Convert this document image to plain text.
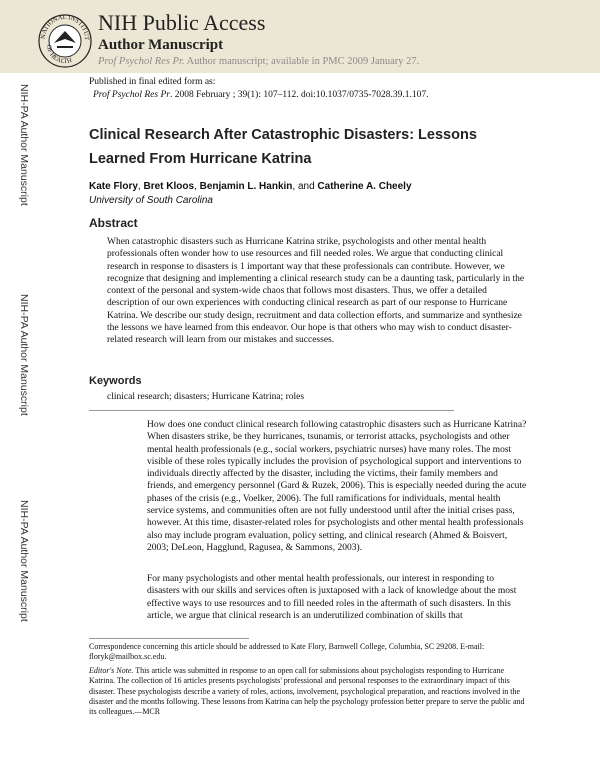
NATIONAL INSTITUT
OF HEALTH
NIH Public Access
Author Manuscript
Prof Psychol Res Pr. Author manuscript; available in PMC 2009 January 27.
Published in final edited form as:
Prof Psychol Res Pr. 2008 February ; 39(1): 107–112. doi:10.1037/0735-7028.39.1.107.
NIH-PA Author Manuscript
NIH-PA Author Manuscript
NIH-PA Author Manuscript
Clinical Research After Catastrophic Disasters: Lessons Learned From Hurricane Katrina
Kate Flory, Bret Kloos, Benjamin L. Hankin, and Catherine A. Cheely
University of South Carolina
Abstract
When catastrophic disasters such as Hurricane Katrina strike, psychologists and other mental health professionals often wonder how to use resources and fill needed roles. We argue that conducting clinical research in response to disasters is 1 important way that these professionals can contribute. However, we recognize that designing and implementing a clinical research study can be a daunting task, particularly in the context of the personal and system-wide chaos that follows most disasters. Thus, we offer a detailed description of our own experiences with conducting clinical research as part of our response to Hurricane Katrina. We describe our study design, recruitment and data collection efforts, and summarize and synthesize the lessons we have learned from this endeavor. Our hope is that others who may wish to conduct disaster-related research will learn from our mistakes and successes.
Keywords
clinical research; disasters; Hurricane Katrina; roles
How does one conduct clinical research following catastrophic disasters such as Hurricane Katrina? When disasters strike, be they hurricanes, tsunamis, or terrorist attacks, psychologists and other mental health professionals (e.g., social workers, psychiatric nurses) have many roles. The most visible of these roles typically includes the provision of psychological support and interventions to individuals directly affected by the disaster, including the victims, their family members and friends, and emergency personnel (Gard & Ruzek, 2006). This is especially needed during the acute phases of the crisis (e.g., Voelker, 2006). The full ramifications for individuals, mental health service systems, and communities often are not fully understood until after the initial crises pass, however. At this time, disaster-related roles for psychologists and other mental health professionals also may include program evaluation, policy setting, and clinical research (Ahmed & Boisvert, 2003; DeLeon, Hagglund, Ragusea, & Sammons, 2003).
For many psychologists and other mental health professionals, our interest in responding to disasters with our skills and services often is juxtaposed with a lack of knowledge about the most effective ways to use resources and to fill needed roles in the aftermath of such disasters. In this article, we argue that clinical research is an underutilized combination of skills that
Correspondence concerning this article should be addressed to Kate Flory, Barnwell College, Columbia, SC 29208. E-mail: floryk@mailbox.sc.edu.
Editor's Note. This article was submitted in response to an open call for submissions about psychologists responding to Hurricane Katrina. The collection of 16 articles presents psychologists' professional and personal responses to the extraordinary impact of this disaster. These psychologists describe a variety of roles, actions, involvement, psychological preparation, and reactions involved in the disaster and the months following. These lessons from Katrina can help the psychology profession better prepare to serve the public and its colleagues.—MCR
